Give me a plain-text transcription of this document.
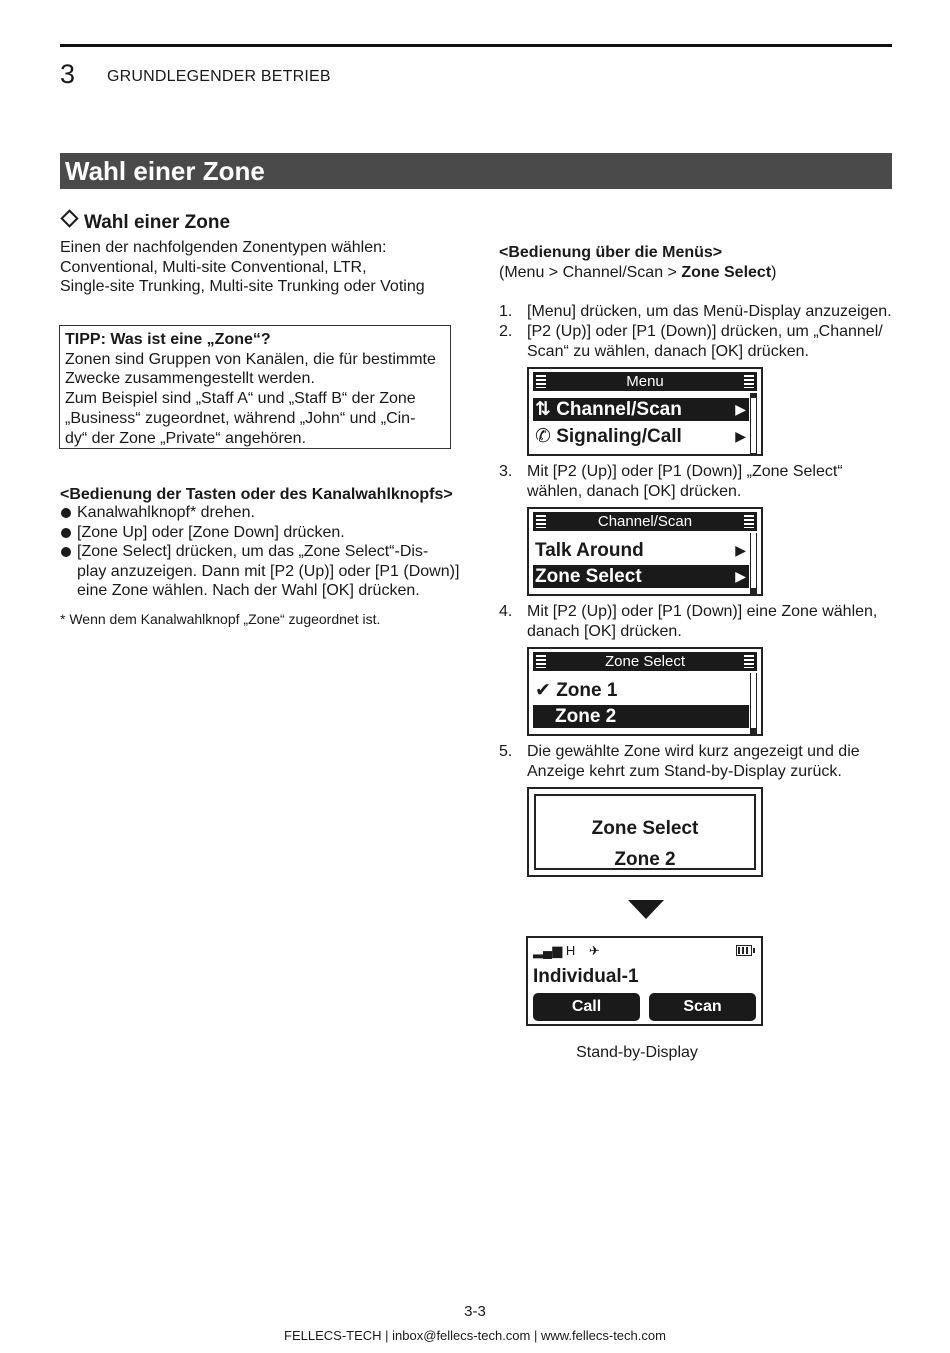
3 GRUNDLEGENDER BETRIEB
Wahl einer Zone
Wahl einer Zone
Einen der nachfolgenden Zonentypen wählen:
Conventional, Multi-site Conventional, LTR,
Single-site Trunking, Multi-site Trunking oder Voting

TIPP: Was ist eine „Zone“?

Zonen sind Gruppen von Kanälen, die für bestimmte

Zwecke zusammengestellt werden.

Zum Beispiel sind „Staff A“ und „Staff B“ der Zone

„Business“ zugeordnet, während „John“ und „Cin-

dy“ der Zone „Private“ angehören.

<Bedienung der Tasten oder des Kanalwahlknopfs>
Kanalwahlknopf* drehen.
[Zone Up] oder [Zone Down] drücken.
[Zone Select] drücken, um das „Zone Select“-Dis-
play anzuzeigen. Dann mit [P2 (Up)] oder [P1 (Down)]
eine Zone wählen. Nach der Wahl [OK] drücken.
* Wenn dem Kanalwahlknopf „Zone“ zugeordnet ist.
<Bedienung über die Menüs>
(Menu > Channel/Scan > Zone Select)
1. [Menu] drücken, um das Menü-Display anzuzeigen.
2. [P2 (Up)] oder [P1 (Down)] drücken, um „Channel/
Scan“ zu wählen, danach [OK] drücken.
Menu
⇅ Channel/Scan	▶
✆ Signaling/Call	▶
3. Mit [P2 (Up)] oder [P1 (Down)] „Zone Select“
wählen, danach [OK] drücken.
Channel/Scan
Talk Around	▶
Zone Select	▶
4. Mit [P2 (Up)] oder [P1 (Down)] eine Zone wählen,
danach [OK] drücken.
Zone Select
✔ Zone 1
Zone 2
5. Die gewählte Zone wird kurz angezeigt und die
Anzeige kehrt zum Stand-by-Display zurück.
Zone Select
Zone 2
▂▄▆ H ✈
Individual-1
Call	Scan
Stand-by-Display
3-3
FELLECS-TECH | inbox@fellecs-tech.com | www.fellecs-tech.com
